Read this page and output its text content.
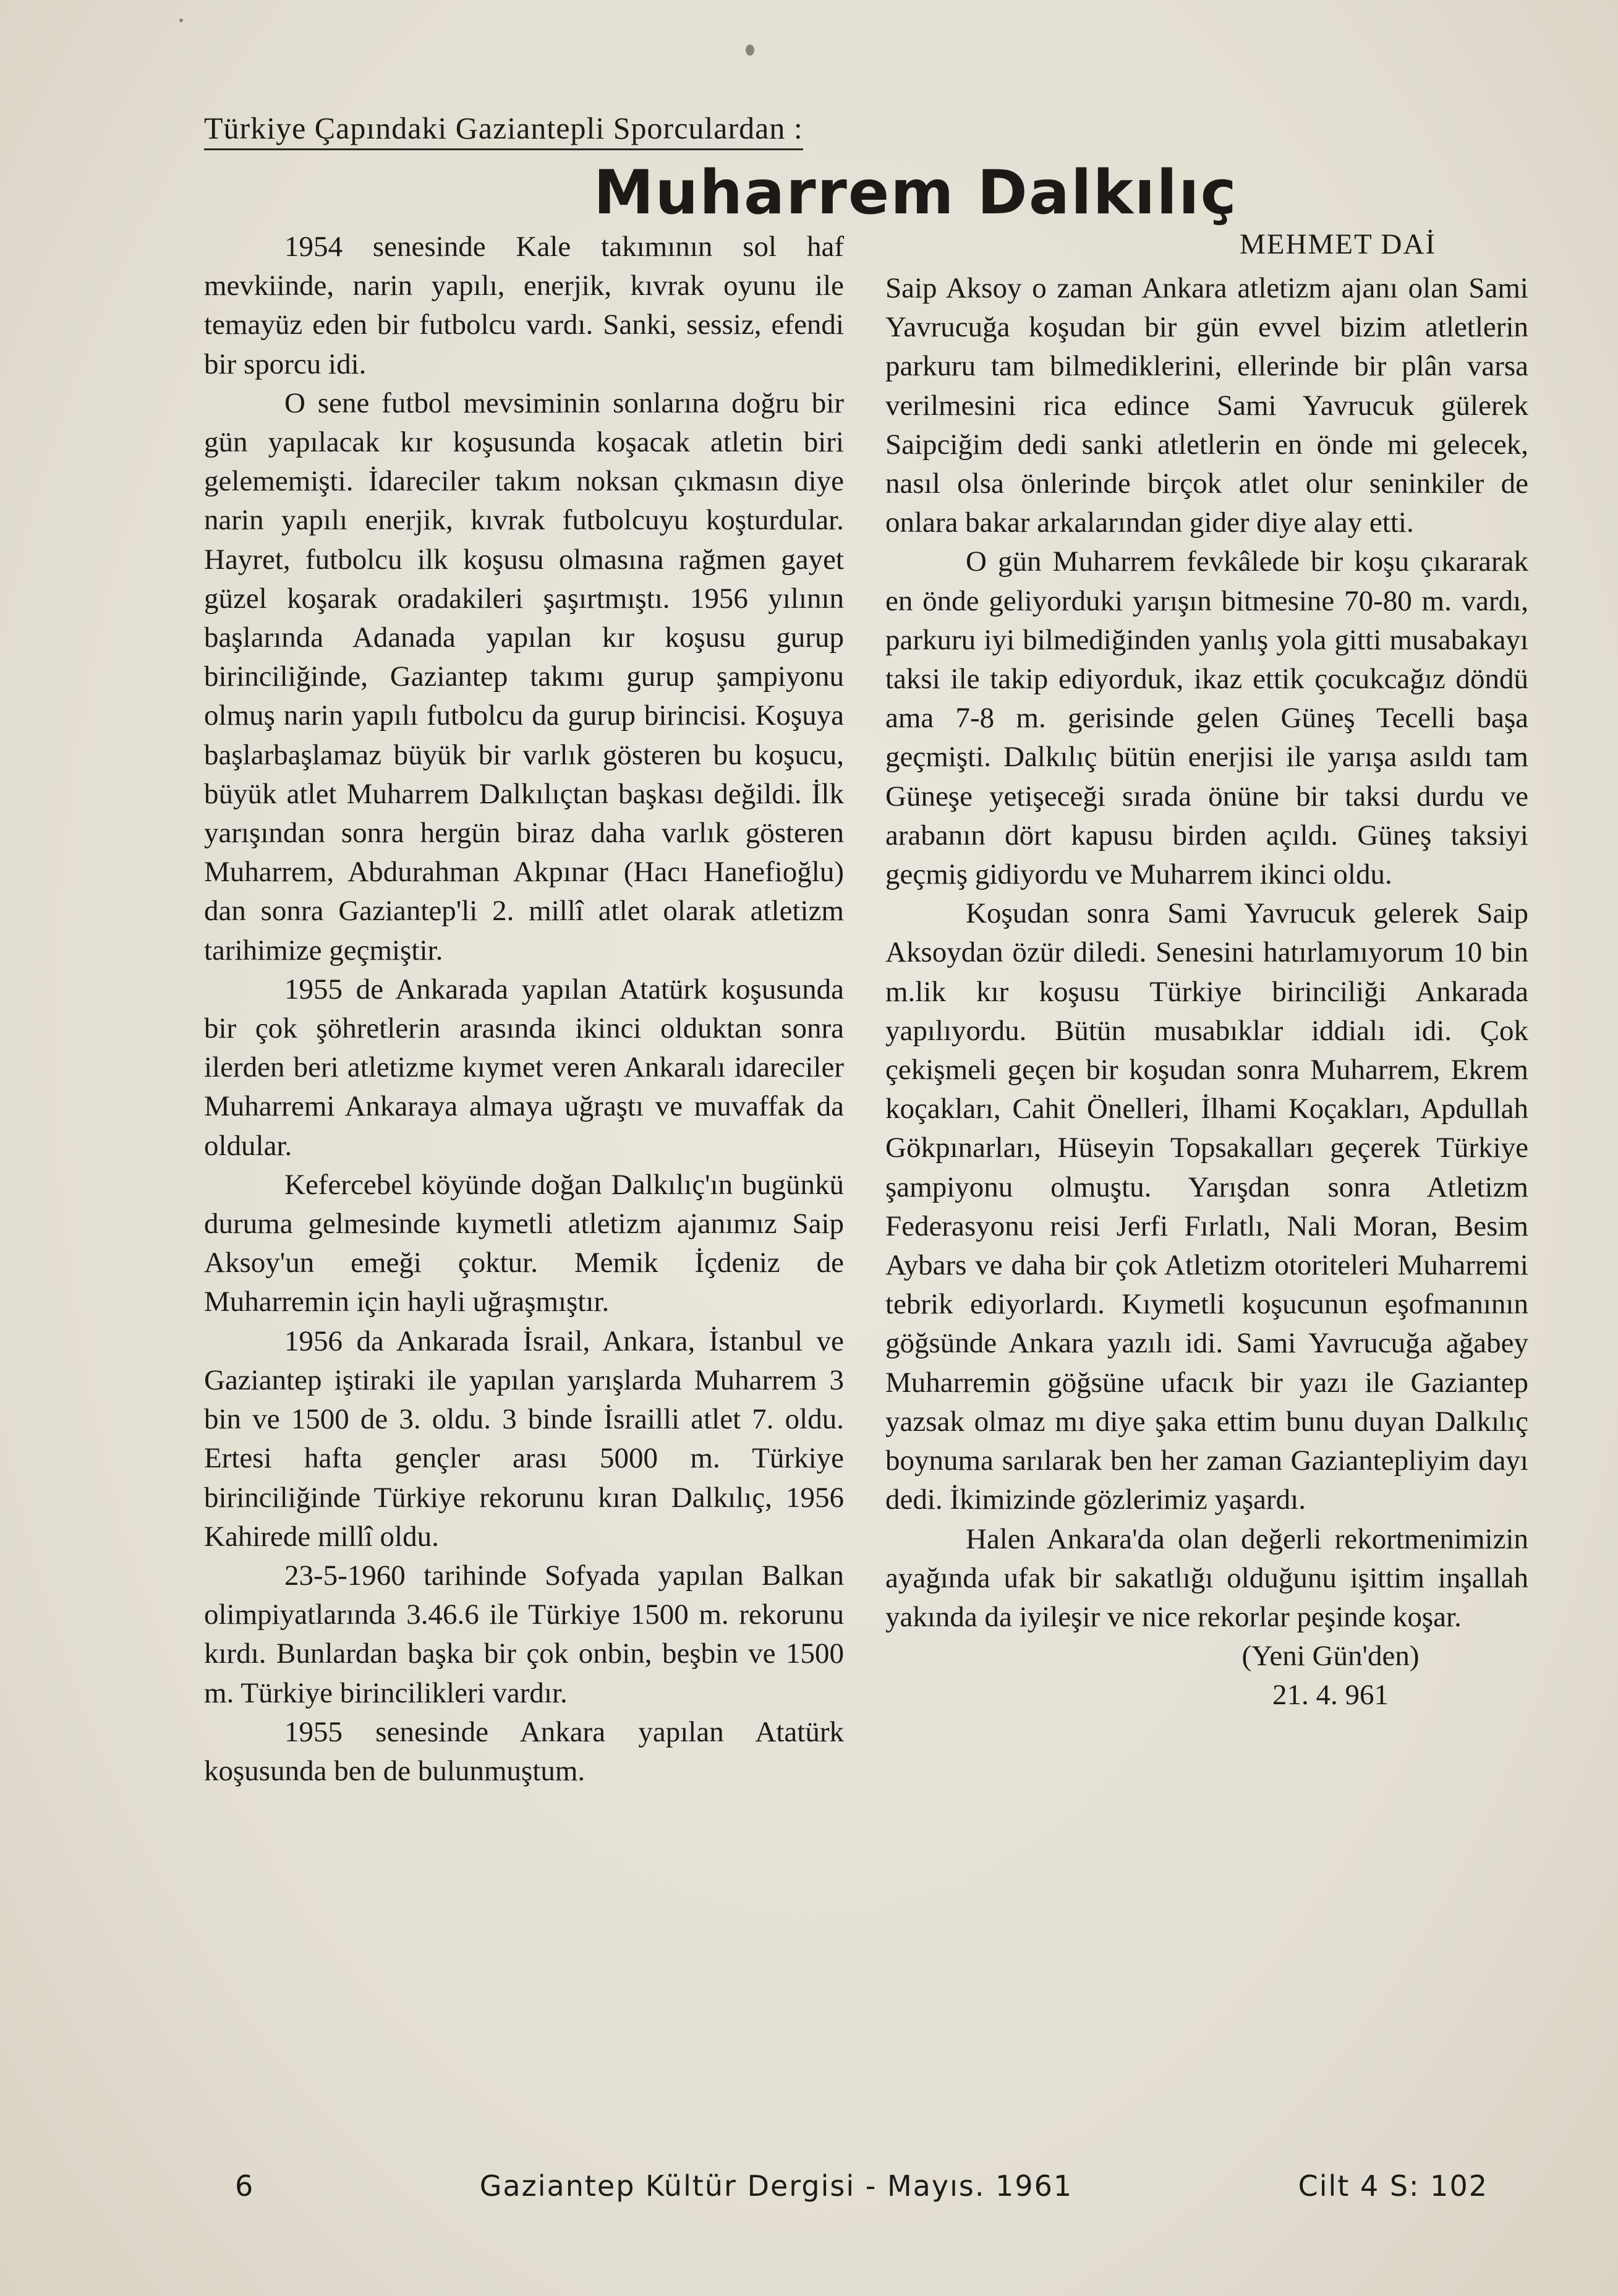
Türkiye Çapındaki Gaziantepli Sporculardan :
Muharrem Dalkılıç
MEHMET DAİ

1954 senesinde Kale takımının sol haf mevkiinde, narin yapılı, enerjik, kıvrak oyunu ile temayüz eden bir futbolcu vardı. Sanki, sessiz, efendi bir sporcu idi.

O sene futbol mevsiminin sonlarına doğru bir gün yapılacak kır koşusunda koşacak atletin biri gelememişti. İdareciler takım noksan çıkmasın diye narin yapılı enerjik, kıvrak futbolcuyu koşturdular. Hayret, futbolcu ilk koşusu olmasına rağmen gayet güzel koşarak oradakileri şaşırtmıştı. 1956 yılının başlarında Adanada yapılan kır koşusu gurup birinciliğinde, Gaziantep takımı gurup şampiyonu olmuş narin yapılı futbolcu da gurup birincisi. Koşuya başlarbaşlamaz büyük bir varlık gösteren bu koşucu, büyük atlet Muharrem Dalkılıçtan başkası değildi. İlk yarışından sonra hergün biraz daha varlık gösteren Muharrem, Abdurahman Akpınar (Hacı Hanefioğlu) dan sonra Gaziantep'li 2. millî atlet olarak atletizm tarihimize geçmiştir.

1955 de Ankarada yapılan Atatürk koşusunda bir çok şöhretlerin arasında ikinci olduktan sonra ilerden beri atletizme kıymet veren Ankaralı idareciler Muharremi Ankaraya almaya uğraştı ve muvaffak da oldular.

Kefercebel köyünde doğan Dalkılıç'ın bugünkü duruma gelmesinde kıymetli atletizm ajanımız Saip Aksoy'un emeği çoktur. Memik İçdeniz de Muharremin için hayli uğraşmıştır.

1956 da Ankarada İsrail, Ankara, İstanbul ve Gaziantep iştiraki ile yapılan yarışlarda Muharrem 3 bin ve 1500 de 3. oldu. 3 binde İsrailli atlet 7. oldu. Ertesi hafta gençler arası 5000 m. Türkiye birinciliğinde Türkiye rekorunu kıran Dalkılıç, 1956 Kahirede millî oldu.

23-5-1960 tarihinde Sofyada yapılan Balkan olimpiyatlarında 3.46.6 ile Türkiye 1500 m. rekorunu kırdı. Bunlardan başka bir çok onbin, beşbin ve 1500 m. Türkiye birincilikleri vardır.

1955 senesinde Ankara yapılan Atatürk koşusunda ben de bulunmuştum.

Saip Aksoy o zaman Ankara atletizm ajanı olan Sami Yavrucuğa koşudan bir gün evvel bizim atletlerin parkuru tam bilmediklerini, ellerinde bir plân varsa verilmesini rica edince Sami Yavrucuk gülerek Saipciğim dedi sanki atletlerin en önde mi gelecek, nasıl olsa önlerinde birçok atlet olur seninkiler de onlara bakar arkalarından gider diye alay etti.

O gün Muharrem fevkâlede bir koşu çıkararak en önde geliyorduki yarışın bitmesine 70-80 m. vardı, parkuru iyi bilmediğinden yanlış yola gitti musabakayı taksi ile takip ediyorduk, ikaz ettik çocukcağız döndü ama 7-8 m. gerisinde gelen Güneş Tecelli başa geçmişti. Dalkılıç bütün enerjisi ile yarışa asıldı tam Güneşe yetişeceği sırada önüne bir taksi durdu ve arabanın dört kapusu birden açıldı. Güneş taksiyi geçmiş gidiyordu ve Muharrem ikinci oldu.

Koşudan sonra Sami Yavrucuk gelerek Saip Aksoydan özür diledi. Senesini hatırlamıyorum 10 bin m.lik kır koşusu Türkiye birinciliği Ankarada yapılıyordu. Bütün musabıklar iddialı idi. Çok çekişmeli geçen bir koşudan sonra Muharrem, Ekrem koçakları, Cahit Önelleri, İlhami Koçakları, Apdullah Gökpınarları, Hüseyin Topsakalları geçerek Türkiye şampiyonu olmuştu. Yarışdan sonra Atletizm Federasyonu reisi Jerfi Fırlatlı, Nali Moran, Besim Aybars ve daha bir çok Atletizm otoriteleri Muharremi tebrik ediyorlardı. Kıymetli koşucunun eşofmanının göğsünde Ankara yazılı idi. Sami Yavrucuğa ağabey Muharremin göğsüne ufacık bir yazı ile Gaziantep yazsak olmaz mı diye şaka ettim bunu duyan Dalkılıç boynuma sarılarak ben her zaman Gaziantepliyim dayı dedi. İkimizinde gözlerimiz yaşardı.

Halen Ankara'da olan değerli rekortmenimizin ayağında ufak bir sakatlığı olduğunu işittim inşallah yakında da iyileşir ve nice rekorlar peşinde koşar.

(Yeni Gün'den)

21. 4. 961

6	Gaziantep Kültür Dergisi - Mayıs. 1961	Cilt 4 S: 102
